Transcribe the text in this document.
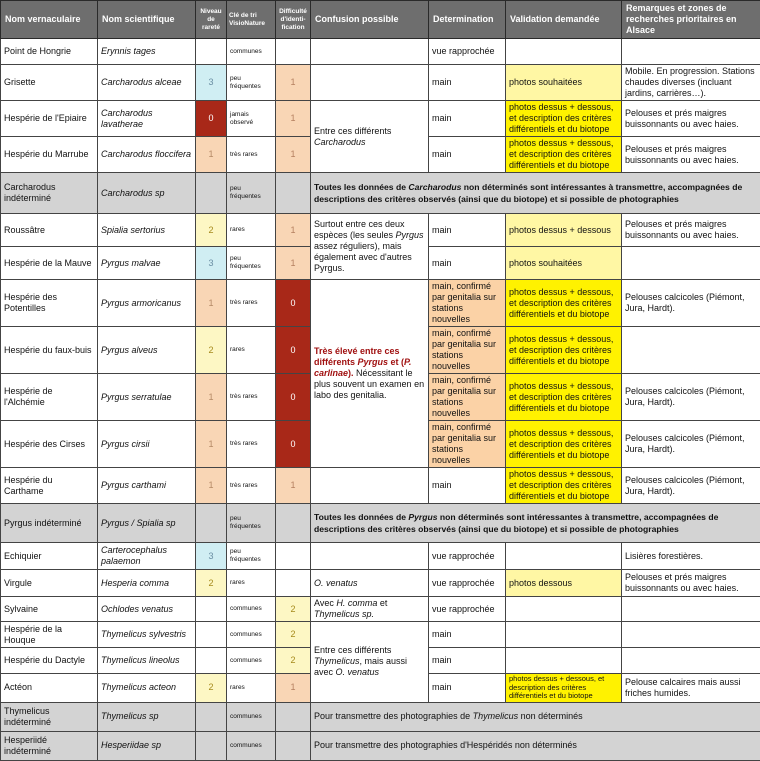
Nom vernaculaire	Nom scientifique	Niveau de rareté	Clé de tri VisioNature	Difficulté d'identi-fication	Confusion possible	Determination	Validation demandée	Remarques et zones de recherches prioritaires en Alsace
Point de Hongrie	Erynnis tages		communes			vue rapprochée		
Grisette	Carcharodus alceae	3	peu fréquentes	1		main	photos souhaitées	Mobile. En progression. Stations chaudes diverses (incluant jardins, carrières…).
Hespérie de l'Epiaire	Carcharodus lavatherae	0	jamais observé	1	Entre ces différents Carcharodus	main	photos dessus + dessous, et description des critères différentiels et du biotope	Pelouses et prés maigres buissonnants ou avec haies.
Hespérie du Marrube	Carcharodus floccifera	1	très rares	1		main	photos dessus + dessous, et description des critères différentiels et du biotope	Pelouses et prés maigres buissonnants ou avec haies.
Carcharodus indéterminé	Carcharodus sp		peu fréquentes		Toutes les données de Carcharodus non déterminés sont intéressantes à transmettre, accompagnées de descriptions des critères observés (ainsi que du biotope) et si possible de photographies			
Roussâtre	Spialia sertorius	2	rares	1	Surtout entre ces deux espèces (les seules Pyrgus assez réguliers), mais également avec d'autres Pyrgus.	main	photos dessus + dessous	Pelouses et prés maigres buissonnants ou avec haies.
Hespérie de la Mauve	Pyrgus malvae	3	peu fréquentes	1		main	photos souhaitées	
Hespérie des Potentilles	Pyrgus armoricanus	1	très rares	0	Très élevé entre ces différents Pyrgus et (P. carlinae). Nécessitant le plus souvent un examen en labo des genitalia.	main, confirmé par genitalia sur stations nouvelles	photos dessus + dessous, et description des critères différentiels et du biotope	Pelouses calcicoles (Piémont, Jura, Hardt).
Hespérie du faux-buis	Pyrgus alveus	2	rares	0		main, confirmé par genitalia sur stations nouvelles	photos dessus + dessous, et description des critères différentiels et du biotope	
Hespérie de l'Alchémie	Pyrgus serratulae	1	très rares	0		main, confirmé par genitalia sur stations nouvelles	photos dessus + dessous, et description des critères différentiels et du biotope	Pelouses calcicoles (Piémont, Jura, Hardt).
Hespérie des Cirses	Pyrgus cirsii	1	très rares	0		main, confirmé par genitalia sur stations nouvelles	photos dessus + dessous, et description des critères différentiels et du biotope	Pelouses calcicoles (Piémont, Jura, Hardt).
Hespérie du Carthame	Pyrgus carthami	1	très rares	1		main	photos dessus + dessous, et description des critères différentiels et du biotope	Pelouses calcicoles (Piémont, Jura, Hardt).
Pyrgus indéterminé	Pyrgus / Spialia sp		peu fréquentes		Toutes les données de Pyrgus non déterminés sont intéressantes à transmettre, accompagnées de descriptions des critères observés (ainsi que du biotope) et si possible de photographies			
Echiquier	Carterocephalus palaemon	3	peu fréquentes			vue rapprochée		Lisières forestières.
Virgule	Hesperia comma	2	rares		O. venatus	vue rapprochée	photos dessous	Pelouses et prés maigres buissonnants ou avec haies.
Sylvaine	Ochlodes venatus		communes	2	Avec H. comma et Thymelicus sp.	vue rapprochée		
Hespérie de la Houque	Thymelicus sylvestris		communes	2	Entre ces différents Thymelicus, mais aussi avec O. venatus	main		
Hespérie du Dactyle	Thymelicus lineolus		communes	2		main		
Actéon	Thymelicus acteon	2	rares	1		main	photos dessus + dessous, et description des critères différentiels et du biotope	Pelouse calcaires mais aussi friches humides.
Thymelicus indéterminé	Thymelicus sp		communes		Pour transmettre des photographies de Thymelicus non déterminés			
Hesperiidé indéterminé	Hesperiidae sp		communes		Pour transmettre des photographies d'Hespéridés non déterminés			
